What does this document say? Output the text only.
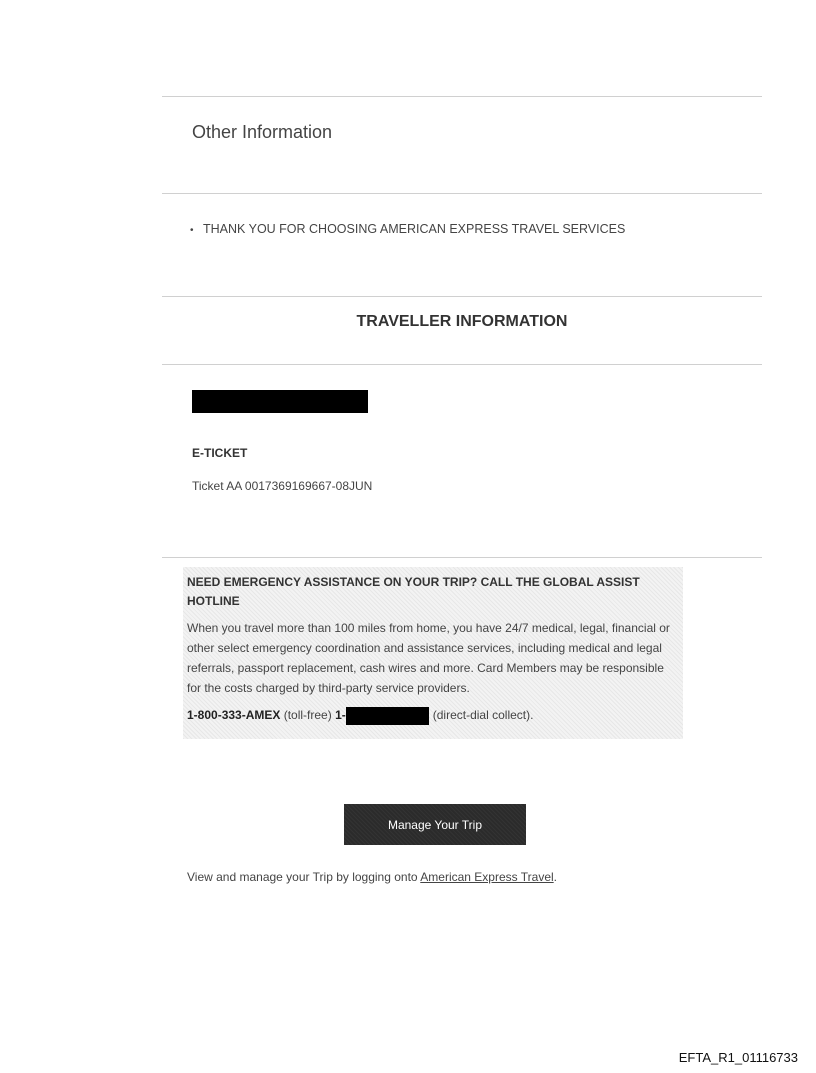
Other Information
• THANK YOU FOR CHOOSING AMERICAN EXPRESS TRAVEL SERVICES
TRAVELLER INFORMATION
E-TICKET
Ticket AA 0017369169667-08JUN

NEED EMERGENCY ASSISTANCE ON YOUR TRIP? CALL THE GLOBAL ASSIST HOTLINE

When you travel more than 100 miles from home, you have 24/7 medical, legal, financial or other select emergency coordination and assistance services, including medical and legal referrals, passport replacement, cash wires and more. Card Members may be responsible for the costs charged by third-party service providers.

1-800-333-AMEX (toll-free) 1-	(direct-dial collect).

Manage Your Trip
View and manage your Trip by logging onto American Express Travel.
EFTA_R1_01116733
